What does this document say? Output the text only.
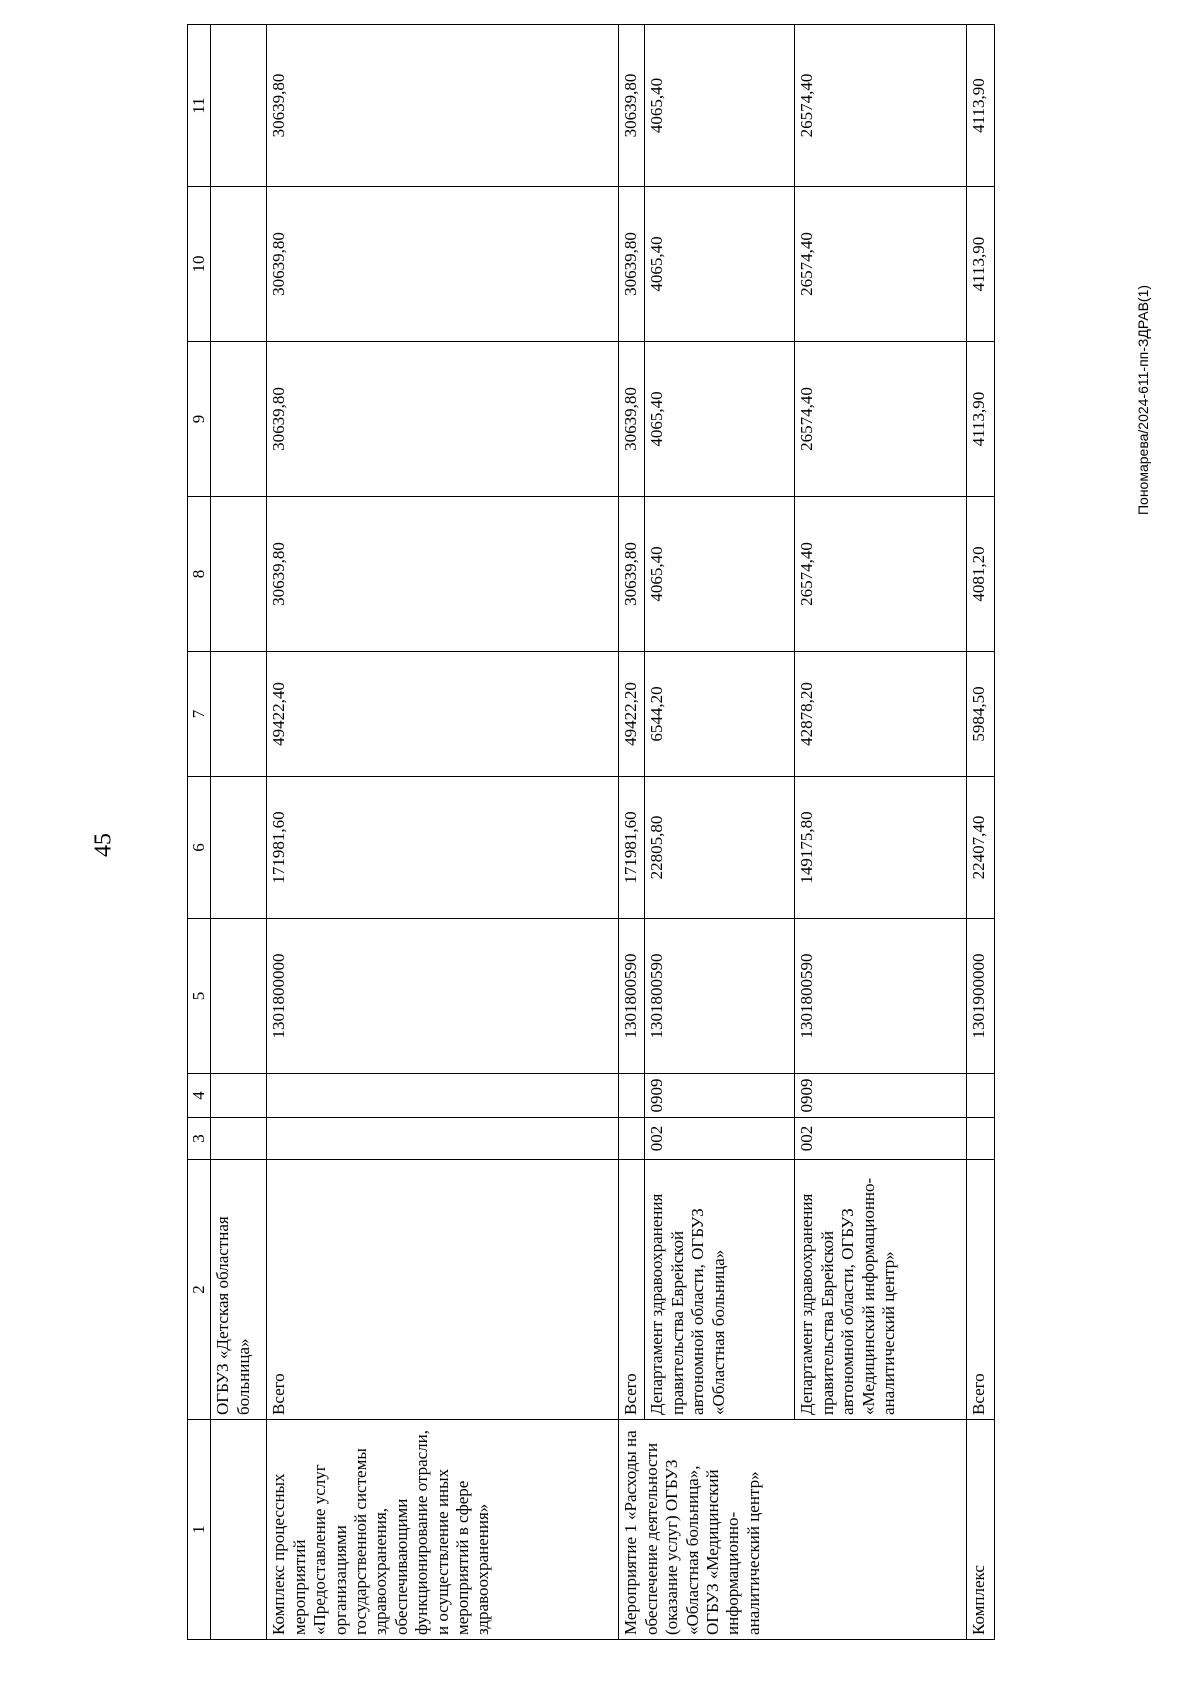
45
Пономарева/2024-611-пп-ЗДРАВ(1)
1	2	3	4	5	6	7	8	9	10	11
	ОГБУЗ «Детская областная больница»									
Комплекс процессных мероприятий «Предоставление услуг организациями государственной системы здравоохранения, обеспечивающими функционирование отрасли, и осуществление иных мероприятий в сфере здравоохранения»	Всего			1301800000	171981,60	49422,40	30639,80	30639,80	30639,80	30639,80
Мероприятие 1 «Расходы на обеспечение деятельности (оказание услуг) ОГБУЗ «Областная больница», ОГБУЗ «Медицинский информационно-аналитический центр»	Всего			1301800590	171981,60	49422,20	30639,80	30639,80	30639,80	30639,80
	Департамент здравоохранения правительства Еврейской автономной области, ОГБУЗ «Областная больница»	002	0909	1301800590	22805,80	6544,20	4065,40	4065,40	4065,40	4065,40
	Департамент здравоохранения правительства Еврейской автономной области, ОГБУЗ «Медицинский информационно-аналитический центр»	002	0909	1301800590	149175,80	42878,20	26574,40	26574,40	26574,40	26574,40
Комплекс	Всего			1301900000	22407,40	5984,50	4081,20	4113,90	4113,90	4113,90
